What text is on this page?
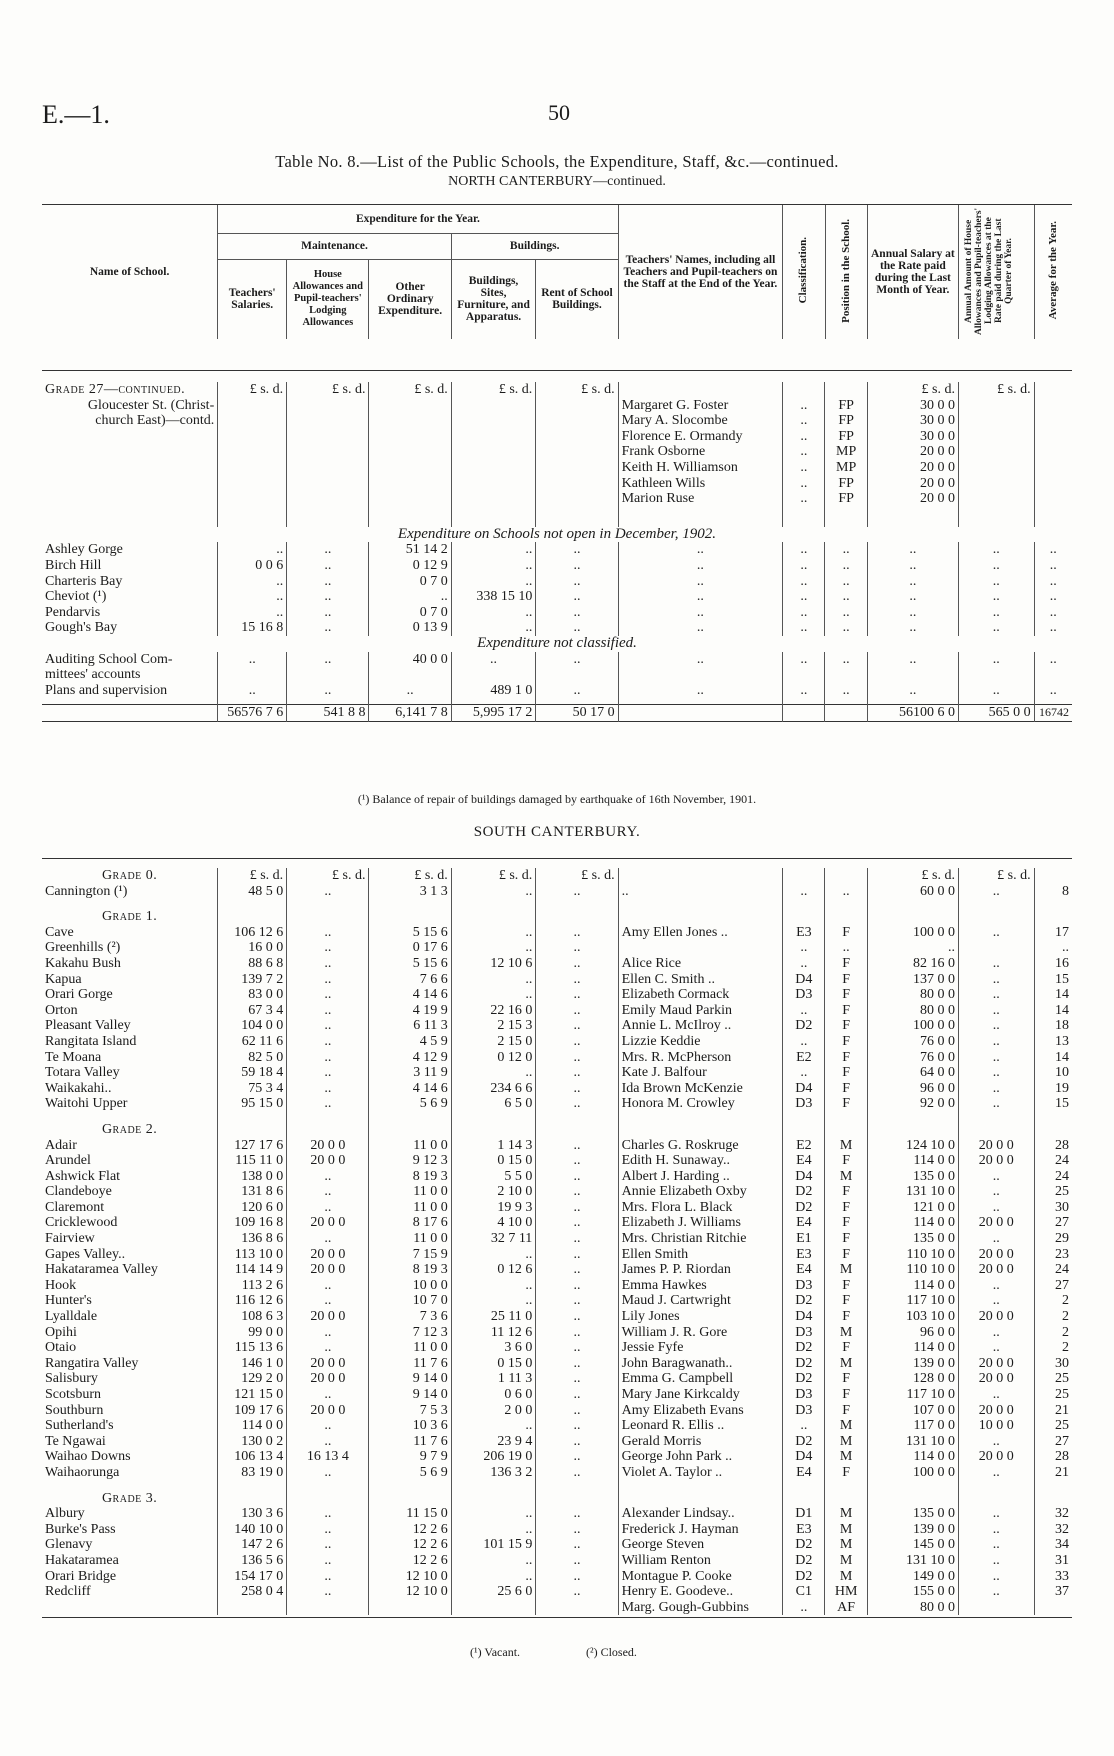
E.—1.	50
Table No. 8.—List of the Public Schools, the Expenditure, Staff, &c.—continued.
NORTH CANTERBURY—continued.
Name of School.	Expenditure for the Year.					Teachers' Names, including all Teachers and Pupil-teachers on the Staff at the End of the Year.	Classification.	Position in the School.	Annual Salary at the Rate paid during the Last Month of Year.	Annual Amount of House Allowances and Pupil-teachers' Lodging Allowances at the Rate paid during the Last Quarter of Year.	Average for the Year.
	Maintenance.			Buildings.							
	Teachers' Salaries.	House Allowances and Pupil-teachers' Lodging Allowances	Other Ordinary Expenditure.	Buildings, Sites, Furniture, and Apparatus.	Rent of School Buildings.						
Grade 27—continued.	£ s. d.	£ s. d.	£ s. d.	£ s. d.	£ s. d.				£ s. d.	£ s. d.	
Gloucester St. (Christ-						Margaret G. Foster	..	FP	30 0 0		
church East)—contd.						Mary A. Slocombe	..	FP	30 0 0		
						Florence E. Ormandy	..	FP	30 0 0		
						Frank Osborne	..	MP	20 0 0		
						Keith H. Williamson	..	MP	20 0 0		
						Kathleen Wills	..	FP	20 0 0		
						Marion Ruse	..	FP	20 0 0		

Expenditure on Schools not open in December, 1902.											
Ashley Gorge	..	..	51 14 2	..	..	..	..	..	..	..	..
Birch Hill	0 0 6	..	0 12 9	..	..	..	..	..	..	..	..
Charteris Bay	..	..	0 7 0	..	..	..	..	..	..	..	..
Cheviot (¹)	..	..	..	338 15 10	..	..	..	..	..	..	..
Pendarvis	..	..	0 7 0	..	..	..	..	..	..	..	..
Gough's Bay	15 16 8	..	0 13 9	..	..	..	..	..	..	..	..
Expenditure not classified.											
Auditing School Com-	..	..	40 0 0	..	..	..	..	..	..	..	..
mittees' accounts											
Plans and supervision	..	..	..	489 1 0	..	..	..	..	..	..	..

	56576 7 6	541 8 8	6,141 7 8	5,995 17 2	50 17 0				56100 6 0	565 0 0	16742
(¹) Balance of repair of buildings damaged by earthquake of 16th November, 1901.
SOUTH CANTERBURY.
Grade 0.	£ s. d.	£ s. d.	£ s. d.	£ s. d.	£ s. d.				£ s. d.	£ s. d.	
Cannington (¹)	48 5 0	..	3 1 3	..	..	..	..	..	60 0 0	..	8

Grade 1.											
Cave	106 12 6	..	5 15 6	..	..	Amy Ellen Jones ..	E3	F	100 0 0	..	17
Greenhills (²)	16 0 0	..	0 17 6	..	..		..	..	..		..
Kakahu Bush	88 6 8	..	5 15 6	12 10 6	..	Alice Rice	..	F	82 16 0	..	16
Kapua	139 7 2	..	7 6 6	..	..	Ellen C. Smith ..	D4	F	137 0 0	..	15
Orari Gorge	83 0 0	..	4 14 6	..	..	Elizabeth Cormack	D3	F	80 0 0	..	14
Orton	67 3 4	..	4 19 9	22 16 0	..	Emily Maud Parkin	..	F	80 0 0	..	14
Pleasant Valley	104 0 0	..	6 11 3	2 15 3	..	Annie L. McIlroy ..	D2	F	100 0 0	..	18
Rangitata Island	62 11 6	..	4 5 9	2 15 0	..	Lizzie Keddie	..	F	76 0 0	..	13
Te Moana	82 5 0	..	4 12 9	0 12 0	..	Mrs. R. McPherson	E2	F	76 0 0	..	14
Totara Valley	59 18 4	..	3 11 9	..	..	Kate J. Balfour	..	F	64 0 0	..	10
Waikakahi..	75 3 4	..	4 14 6	234 6 6	..	Ida Brown McKenzie	D4	F	96 0 0	..	19
Waitohi Upper	95 15 0	..	5 6 9	6 5 0	..	Honora M. Crowley	D3	F	92 0 0	..	15

Grade 2.											
Adair	127 17 6	20 0 0	11 0 0	1 14 3	..	Charles G. Roskruge	E2	M	124 10 0	20 0 0	28
Arundel	115 11 0	20 0 0	9 12 3	0 15 0	..	Edith H. Sunaway..	E4	F	114 0 0	20 0 0	24
Ashwick Flat	138 0 0	..	8 19 3	5 5 0	..	Albert J. Harding ..	D4	M	135 0 0	..	24
Clandeboye	131 8 6	..	11 0 0	2 10 0	..	Annie Elizabeth Oxby	D2	F	131 10 0	..	25
Claremont	120 6 0	..	11 0 0	19 9 3	..	Mrs. Flora L. Black	D2	F	121 0 0	..	30
Cricklewood	109 16 8	20 0 0	8 17 6	4 10 0	..	Elizabeth J. Williams	E4	F	114 0 0	20 0 0	27
Fairview	136 8 6	..	11 0 0	32 7 11	..	Mrs. Christian Ritchie	E1	F	135 0 0	..	29
Gapes Valley..	113 10 0	20 0 0	7 15 9	..	..	Ellen Smith	E3	F	110 10 0	20 0 0	23
Hakataramea Valley	114 14 9	20 0 0	8 19 3	0 12 6	..	James P. P. Riordan	E4	M	110 10 0	20 0 0	24
Hook	113 2 6	..	10 0 0	..	..	Emma Hawkes	D3	F	114 0 0	..	27
Hunter's	116 12 6	..	10 7 0	..	..	Maud J. Cartwright	D2	F	117 10 0	..	2
Lyalldale	108 6 3	20 0 0	7 3 6	25 11 0	..	Lily Jones	D4	F	103 10 0	20 0 0	2
Opihi	99 0 0	..	7 12 3	11 12 6	..	William J. R. Gore	D3	M	96 0 0	..	2
Otaio	115 13 6	..	11 0 0	3 6 0	..	Jessie Fyfe	D2	F	114 0 0	..	2
Rangatira Valley	146 1 0	20 0 0	11 7 6	0 15 0	..	John Baragwanath..	D2	M	139 0 0	20 0 0	30
Salisbury	129 2 0	20 0 0	9 14 0	1 11 3	..	Emma G. Campbell	D2	F	128 0 0	20 0 0	25
Scotsburn	121 15 0	..	9 14 0	0 6 0	..	Mary Jane Kirkcaldy	D3	F	117 10 0	..	25
Southburn	109 17 6	20 0 0	7 5 3	2 0 0	..	Amy Elizabeth Evans	D3	F	107 0 0	20 0 0	21
Sutherland's	114 0 0	..	10 3 6	..	..	Leonard R. Ellis ..	..	M	117 0 0	10 0 0	25
Te Ngawai	130 0 2	..	11 7 6	23 9 4	..	Gerald Morris	D2	M	131 10 0	..	27
Waihao Downs	106 13 4	16 13 4	9 7 9	206 19 0	..	George John Park ..	D4	M	114 0 0	20 0 0	28
Waihaorunga	83 19 0	..	5 6 9	136 3 2	..	Violet A. Taylor ..	E4	F	100 0 0	..	21

Grade 3.											
Albury	130 3 6	..	11 15 0	..	..	Alexander Lindsay..	D1	M	135 0 0	..	32
Burke's Pass	140 10 0	..	12 2 6	..	..	Frederick J. Hayman	E3	M	139 0 0	..	32
Glenavy	147 2 6	..	12 2 6	101 15 9	..	George Steven	D2	M	145 0 0	..	34
Hakataramea	136 5 6	..	12 2 6	..	..	William Renton	D2	M	131 10 0	..	31
Orari Bridge	154 17 0	..	12 10 0	..	..	Montague P. Cooke	D2	M	149 0 0	..	33
Redcliff	258 0 4	..	12 10 0	25 6 0	..	Henry E. Goodeve..	C1	HM	155 0 0	..	37
						Marg. Gough-Gubbins	..	AF	80 0 0		
(¹) Vacant.	(²) Closed.
